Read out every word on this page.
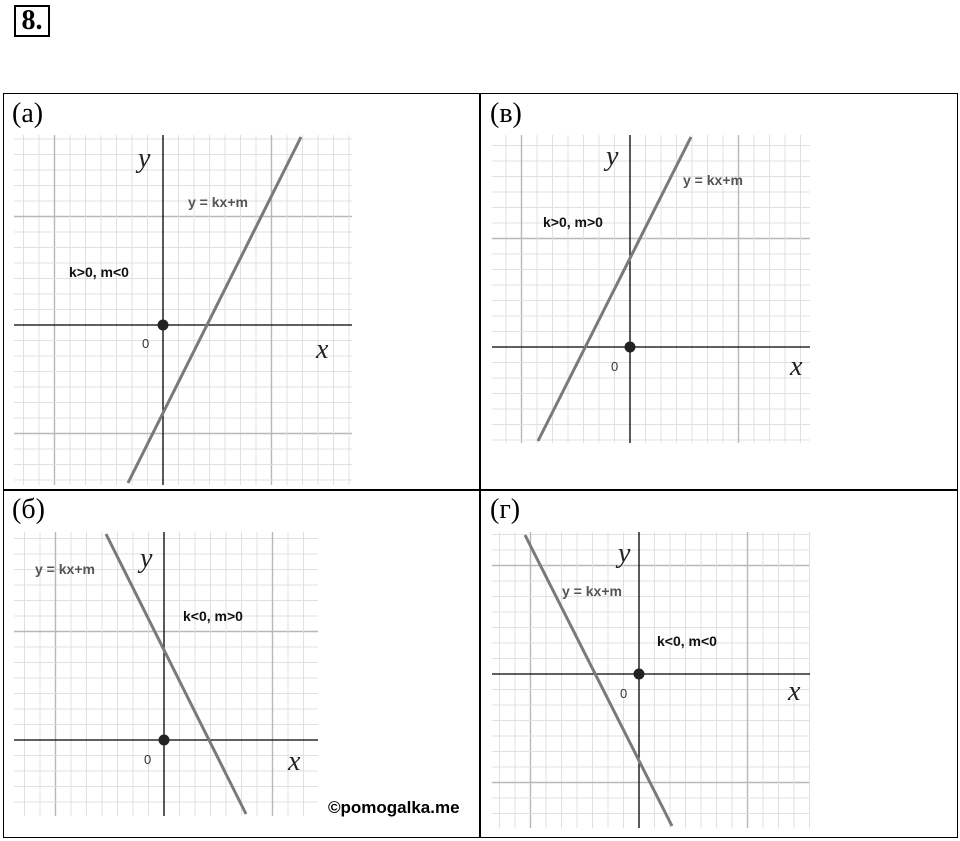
8.
(а)
0	x
y
y = kx+m
k>0, m<0
(в)
0	x
y
y = kx+m
k>0, m>0
(б)
0	x
y
y = kx+m
k<0, m>0
(г)
0	x
y
y = kx+m
k<0, m<0
©pomogalka.me
